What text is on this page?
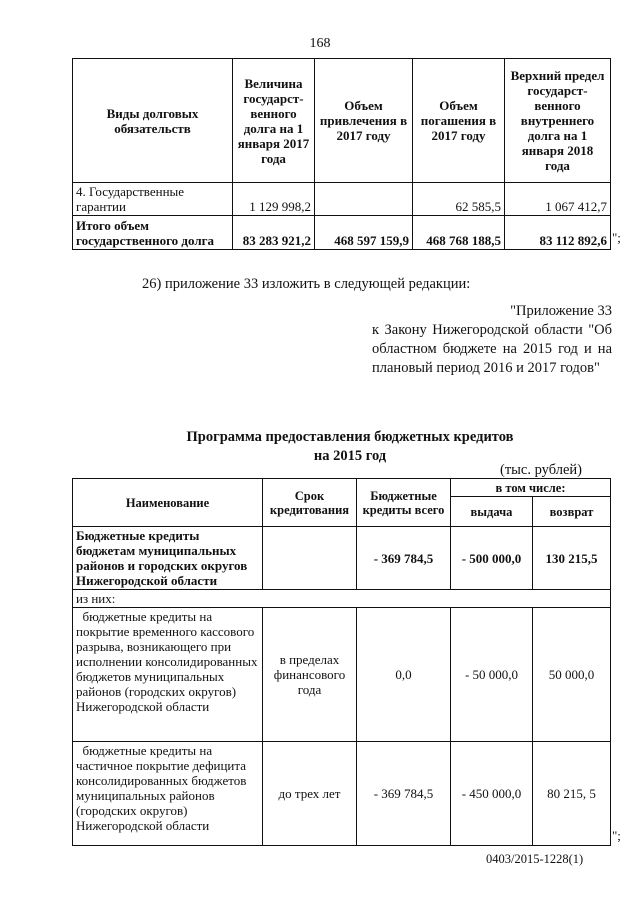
168
Виды долговых обязательств	Величина государст-венного долга на 1 января 2017 года	Объем привлечения в 2017 году	Объем погашения в 2017 году	Верхний предел государст-венного внутреннего долга на 1 января 2018 года
4. Государственные гарантии	1 129 998,2		62 585,5	1 067 412,7
Итого объем государственного долга	83 283 921,2	468 597 159,9	468 768 188,5	83 112 892,6 ";
26) приложение 33 изложить в следующей редакции:
"Приложение 33
к Закону Нижегородской области "Об областном бюджете на 2015 год и на плановый период 2016 и 2017 годов"
Программа предоставления бюджетных кредитов
на 2015 год
(тыс. рублей)
Наименование	Срок кредитования	Бюджетные кредиты всего	в том числе:	
			выдача	возврат
Бюджетные кредиты бюджетам муниципальных районов и городских округов Нижегородской области		- 369 784,5	- 500 000,0	130 215,5
из них:				
бюджетные кредиты на покрытие временного кассового разрыва, возникающего при исполнении консолидированных бюджетов муниципальных районов (городских округов) Нижегородской области	в пределах финансового года	0,0	- 50 000,0	50 000,0
бюджетные кредиты на частичное покрытие дефицита консолидированных бюджетов муниципальных районов (городских округов) Нижегородской области	до трех лет	- 369 784,5	- 450 000,0	80 215, 5
";
0403/2015-1228(1)
